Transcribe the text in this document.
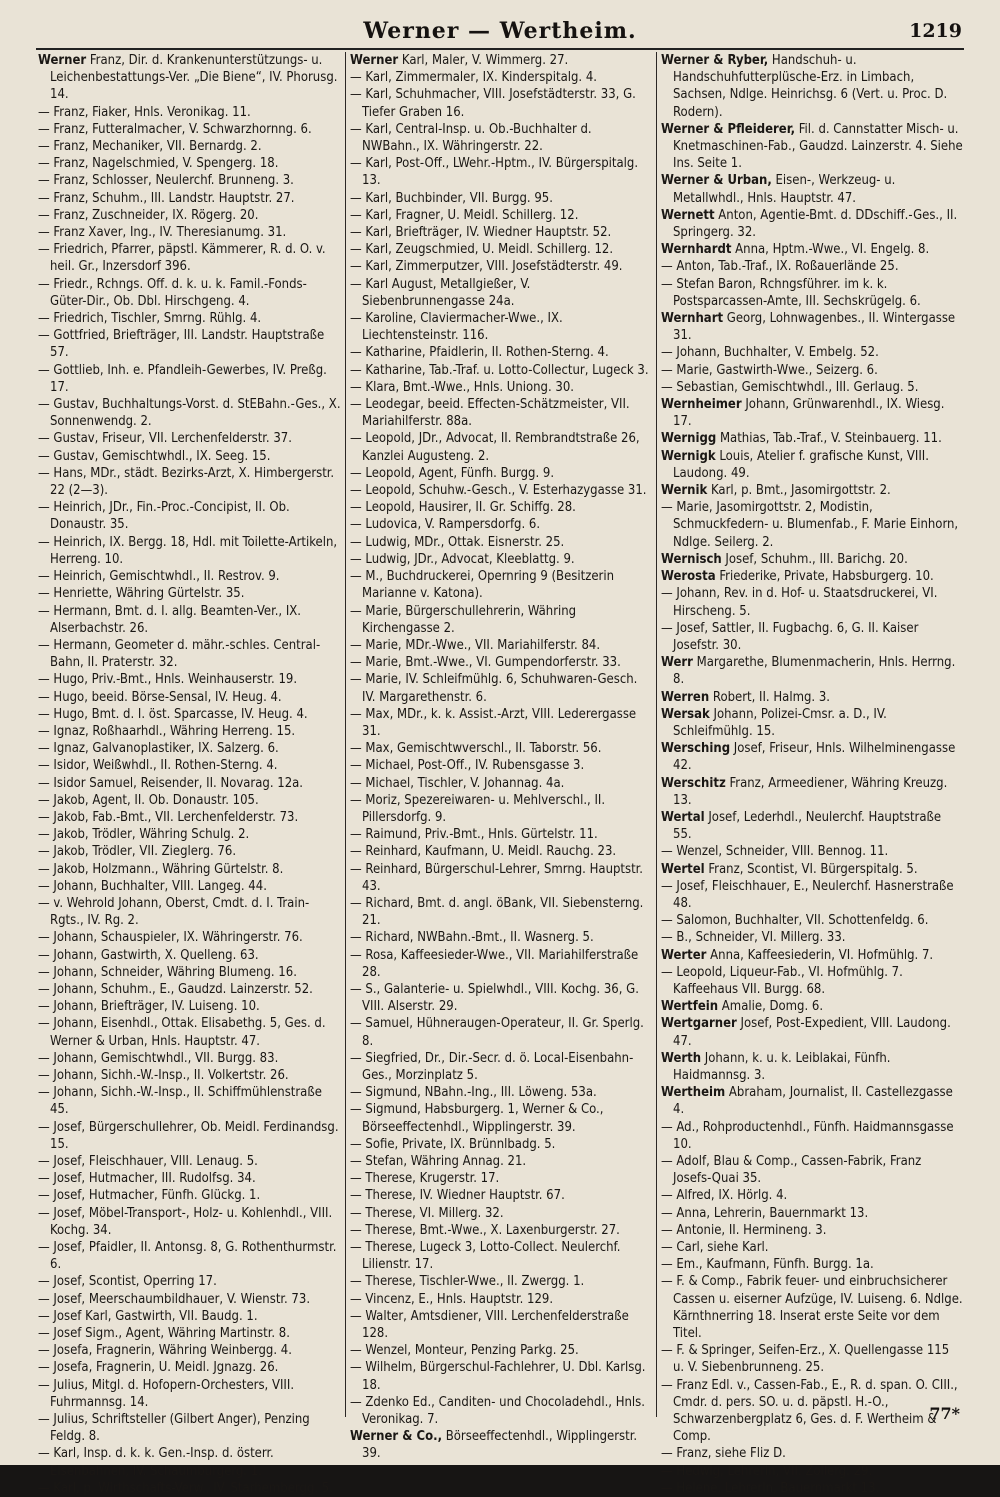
Werner — Wertheim.	1219

Werner Franz, Dir. d. Krankenunterstützungs- u. Leichenbestattungs-Ver. „Die Biene“, IV. Phorusg. 14.

— Franz, Fiaker, Hnls. Veronikag. 11.

— Franz, Futteralmacher, V. Schwarzhornng. 6.

— Franz, Mechaniker, VII. Bernardg. 2.

— Franz, Nagelschmied, V. Spengerg. 18.

— Franz, Schlosser, Neulerchf. Brunneng. 3.

— Franz, Schuhm., III. Landstr. Hauptstr. 27.

— Franz, Zuschneider, IX. Rögerg. 20.

— Franz Xaver, Ing., IV. Theresianumg. 31.

— Friedrich, Pfarrer, päpstl. Kämmerer, R. d. O. v. heil. Gr., Inzersdorf 396.

— Friedr., Rchngs. Off. d. k. u. k. Famil.-Fonds-Güter-Dir., Ob. Dbl. Hirschgeng. 4.

— Friedrich, Tischler, Smrng. Rühlg. 4.

— Gottfried, Briefträger, III. Landstr. Hauptstraße 57.

— Gottlieb, Inh. e. Pfandleih-Gewerbes, IV. Preßg. 17.

— Gustav, Buchhaltungs-Vorst. d. StEBahn.-Ges., X. Sonnenwendg. 2.

— Gustav, Friseur, VII. Lerchenfelderstr. 37.

— Gustav, Gemischtwhdl., IX. Seeg. 15.

— Hans, MDr., städt. Bezirks-Arzt, X. Himbergerstr. 22 (2—3).

— Heinrich, JDr., Fin.-Proc.-Concipist, II. Ob. Donaustr. 35.

— Heinrich, IX. Bergg. 18, Hdl. mit Toilette-Artikeln, Herreng. 10.

— Heinrich, Gemischtwhdl., II. Restrov. 9.

— Henriette, Währing Gürtelstr. 35.

— Hermann, Bmt. d. I. allg. Beamten-Ver., IX. Alserbachstr. 26.

— Hermann, Geometer d. mähr.-schles. Central-Bahn, II. Praterstr. 32.

— Hugo, Priv.-Bmt., Hnls. Weinhauserstr. 19.

— Hugo, beeid. Börse-Sensal, IV. Heug. 4.

— Hugo, Bmt. d. I. öst. Sparcasse, IV. Heug. 4.

— Ignaz, Roßhaarhdl., Währing Herreng. 15.

— Ignaz, Galvanoplastiker, IX. Salzerg. 6.

— Isidor, Weißwhdl., II. Rothen-Sterng. 4.

— Isidor Samuel, Reisender, II. Novarag. 12a.

— Jakob, Agent, II. Ob. Donaustr. 105.

— Jakob, Fab.-Bmt., VII. Lerchenfelderstr. 73.

— Jakob, Trödler, Währing Schulg. 2.

— Jakob, Trödler, VII. Zieglerg. 76.

— Jakob, Holzmann., Währing Gürtelstr. 8.

— Johann, Buchhalter, VIII. Langeg. 44.

— v. Wehrold Johann, Oberst, Cmdt. d. I. Train-Rgts., IV. Rg. 2.

— Johann, Schauspieler, IX. Währingerstr. 76.

— Johann, Gastwirth, X. Quelleng. 63.

— Johann, Schneider, Währing Blumeng. 16.

— Johann, Schuhm., E., Gaudzd. Lainzerstr. 52.

— Johann, Briefträger, IV. Luiseng. 10.

— Johann, Eisenhdl., Ottak. Elisabethg. 5, Ges. d. Werner & Urban, Hnls. Hauptstr. 47.

— Johann, Gemischtwhdl., VII. Burgg. 83.

— Johann, Sichh.-W.-Insp., II. Volkertstr. 26.

— Johann, Sichh.-W.-Insp., II. Schiffmühlenstraße 45.

— Josef, Bürgerschullehrer, Ob. Meidl. Ferdinandsg. 15.

— Josef, Fleischhauer, VIII. Lenaug. 5.

— Josef, Hutmacher, III. Rudolfsg. 34.

— Josef, Hutmacher, Fünfh. Glückg. 1.

— Josef, Möbel-Transport-, Holz- u. Kohlenhdl., VIII. Kochg. 34.

— Josef, Pfaidler, II. Antonsg. 8, G. Rothenthurmstr. 6.

— Josef, Scontist, Operring 17.

— Josef, Meerschaumbildhauer, V. Wienstr. 73.

— Josef Karl, Gastwirth, VII. Baudg. 1.

— Josef Sigm., Agent, Währing Martinstr. 8.

— Josefa, Fragnerin, Währing Weinbergg. 4.

— Josefa, Fragnerin, U. Meidl. Jgnazg. 26.

— Julius, Mitgl. d. Hofopern-Orchesters, VIII. Fuhrmannsg. 14.

— Julius, Schriftsteller (Gilbert Anger), Penzing Feldg. 8.

— Karl, Insp. d. k. k. Gen.-Insp. d. österr. Eisenbahnen, IV. Schaumburgerg. 1.

— Karl, p. Wirthschafts-Verw., IV. Starhembergg. 5.

Werner Karl, Maler, V. Wimmerg. 27.

— Karl, Zimmermaler, IX. Kinderspitalg. 4.

— Karl, Schuhmacher, VIII. Josefstädterstr. 33, G. Tiefer Graben 16.

— Karl, Central-Insp. u. Ob.-Buchhalter d. NWBahn., IX. Währingerstr. 22.

— Karl, Post-Off., LWehr.-Hptm., IV. Bürgerspitalg. 13.

— Karl, Buchbinder, VII. Burgg. 95.

— Karl, Fragner, U. Meidl. Schillerg. 12.

— Karl, Briefträger, IV. Wiedner Hauptstr. 52.

— Karl, Zeugschmied, U. Meidl. Schillerg. 12.

— Karl, Zimmerputzer, VIII. Josefstädterstr. 49.

— Karl August, Metallgießer, V. Siebenbrunnengasse 24a.

— Karoline, Claviermacher-Wwe., IX. Liechtensteinstr. 116.

— Katharine, Pfaidlerin, II. Rothen-Sterng. 4.

— Katharine, Tab.-Traf. u. Lotto-Collectur, Lugeck 3.

— Klara, Bmt.-Wwe., Hnls. Uniong. 30.

— Leodegar, beeid. Effecten-Schätzmeister, VII. Mariahilferstr. 88a.

— Leopold, JDr., Advocat, II. Rembrandtstraße 26, Kanzlei Augusteng. 2.

— Leopold, Agent, Fünfh. Burgg. 9.

— Leopold, Schuhw.-Gesch., V. Esterhazygasse 31.

— Leopold, Hausirer, II. Gr. Schiffg. 28.

— Ludovica, V. Rampersdorfg. 6.

— Ludwig, MDr., Ottak. Eisnerstr. 25.

— Ludwig, JDr., Advocat, Kleeblattg. 9.

— M., Buchdruckerei, Opernring 9 (Besitzerin Marianne v. Katona).

— Marie, Bürgerschullehrerin, Währing Kirchengasse 2.

— Marie, MDr.-Wwe., VII. Mariahilferstr. 84.

— Marie, Bmt.-Wwe., VI. Gumpendorferstr. 33.

— Marie, IV. Schleifmühlg. 6, Schuhwaren-Gesch. IV. Margarethenstr. 6.

— Max, MDr., k. k. Assist.-Arzt, VIII. Lederergasse 31.

— Max, Gemischtwverschl., II. Taborstr. 56.

— Michael, Post-Off., IV. Rubensgasse 3.

— Michael, Tischler, V. Johannag. 4a.

— Moriz, Spezereiwaren- u. Mehlverschl., II. Pillersdorfg. 9.

— Raimund, Priv.-Bmt., Hnls. Gürtelstr. 11.

— Reinhard, Kaufmann, U. Meidl. Rauchg. 23.

— Reinhard, Bürgerschul-Lehrer, Smrng. Hauptstr. 43.

— Richard, Bmt. d. angl. öBank, VII. Siebensterng. 21.

— Richard, NWBahn.-Bmt., II. Wasnerg. 5.

— Rosa, Kaffeesieder-Wwe., VII. Mariahilferstraße 28.

— S., Galanterie- u. Spielwhdl., VIII. Kochg. 36, G. VIII. Alserstr. 29.

— Samuel, Hühneraugen-Operateur, II. Gr. Sperlg. 8.

— Siegfried, Dr., Dir.-Secr. d. ö. Local-Eisenbahn-Ges., Morzinplatz 5.

— Sigmund, NBahn.-Ing., III. Löweng. 53a.

— Sigmund, Habsburgerg. 1, Werner & Co., Börseeffectenhdl., Wipplingerstr. 39.

— Sofie, Private, IX. Brünnlbadg. 5.

— Stefan, Währing Annag. 21.

— Therese, Krugerstr. 17.

— Therese, IV. Wiedner Hauptstr. 67.

— Therese, VI. Millerg. 32.

— Therese, Bmt.-Wwe., X. Laxenburgerstr. 27.

— Therese, Lugeck 3, Lotto-Collect. Neulerchf. Lilienstr. 17.

— Therese, Tischler-Wwe., II. Zwergg. 1.

— Vincenz, E., Hnls. Hauptstr. 129.

— Walter, Amtsdiener, VIII. Lerchenfelderstraße 128.

— Wenzel, Monteur, Penzing Parkg. 25.

— Wilhelm, Bürgerschul-Fachlehrer, U. Dbl. Karlsg. 18.

— Zdenko Ed., Canditen- und Chocoladehdl., Hnls. Veronikag. 7.

Werner & Co., Börseeffectenhdl., Wipplingerstr. 39.

Werner & Ryber, Handschuh- u. Handschuhfutterplüsche-Erz. in Limbach, Sachsen, Ndlge. Heinrichsg. 6 (Vert. u. Proc. D. Rodern).

Werner & Pfleiderer, Fil. d. Cannstatter Misch- u. Knetmaschinen-Fab., Gaudzd. Lainzerstr. 4. Siehe Ins. Seite 1.

Werner & Urban, Eisen-, Werkzeug- u. Metallwhdl., Hnls. Hauptstr. 47.

Wernett Anton, Agentie-Bmt. d. DDschiff.-Ges., II. Springerg. 32.

Wernhardt Anna, Hptm.-Wwe., VI. Engelg. 8.

— Anton, Tab.-Traf., IX. Roßauerlände 25.

— Stefan Baron, Rchngsführer. im k. k. Postsparcassen-Amte, III. Sechskrügelg. 6.

Wernhart Georg, Lohnwagenbes., II. Wintergasse 31.

— Johann, Buchhalter, V. Embelg. 52.

— Marie, Gastwirth-Wwe., Seizerg. 6.

— Sebastian, Gemischtwhdl., III. Gerlaug. 5.

Wernheimer Johann, Grünwarenhdl., IX. Wiesg. 17.

Wernigg Mathias, Tab.-Traf., V. Steinbauerg. 11.

Wernigk Louis, Atelier f. grafische Kunst, VIII. Laudong. 49.

Wernik Karl, p. Bmt., Jasomirgottstr. 2.

— Marie, Jasomirgottstr. 2, Modistin, Schmuckfedern- u. Blumenfab., F. Marie Einhorn, Ndlge. Seilerg. 2.

Wernisch Josef, Schuhm., III. Barichg. 20.

Werosta Friederike, Private, Habsburgerg. 10.

— Johann, Rev. in d. Hof- u. Staatsdruckerei, VI. Hirscheng. 5.

— Josef, Sattler, II. Fugbachg. 6, G. II. Kaiser Josefstr. 30.

Werr Margarethe, Blumenmacherin, Hnls. Herrng. 8.

Werren Robert, II. Halmg. 3.

Wersak Johann, Polizei-Cmsr. a. D., IV. Schleifmühlg. 15.

Wersching Josef, Friseur, Hnls. Wilhelminengasse 42.

Werschitz Franz, Armeediener, Währing Kreuzg. 13.

Wertal Josef, Lederhdl., Neulerchf. Hauptstraße 55.

— Wenzel, Schneider, VIII. Bennog. 11.

Wertel Franz, Scontist, VI. Bürgerspitalg. 5.

— Josef, Fleischhauer, E., Neulerchf. Hasnerstraße 48.

— Salomon, Buchhalter, VII. Schottenfeldg. 6.

— B., Schneider, VI. Millerg. 33.

Werter Anna, Kaffeesiederin, VI. Hofmühlg. 7.

— Leopold, Liqueur-Fab., VI. Hofmühlg. 7. Kaffeehaus VII. Burgg. 68.

Wertfein Amalie, Domg. 6.

Wertgarner Josef, Post-Expedient, VIII. Laudong. 47.

Werth Johann, k. u. k. Leiblakai, Fünfh. Haidmannsg. 3.

Wertheim Abraham, Journalist, II. Castellezgasse 4.

— Ad., Rohproductenhdl., Fünfh. Haidmannsgasse 10.

— Adolf, Blau & Comp., Cassen-Fabrik, Franz Josefs-Quai 35.

— Alfred, IX. Hörlg. 4.

— Anna, Lehrerin, Bauernmarkt 13.

— Antonie, II. Hermineng. 3.

— Carl, siehe Karl.

— Em., Kaufmann, Fünfh. Burgg. 1a.

— F. & Comp., Fabrik feuer- und einbruchsicherer Cassen u. eiserner Aufzüge, IV. Luiseng. 6. Ndlge. Kärnthnerring 18. Inserat erste Seite vor dem Titel.

— F. & Springer, Seifen-Erz., X. Quellengasse 115 u. V. Siebenbrunneng. 25.

— Franz Edl. v., Cassen-Fab., E., R. d. span. O. CIII., Cmdr. d. pers. SO. u. d. päpstl. H.-O., Schwarzenbergplatz 6, Ges. d. F. Wertheim & Comp.

— Franz, siehe Fliz D.

— Hedwig, Lehrerin, VII. Zollerg. 29.

— Helene, Lehrerin, Bauernmarkt 13.

77*
